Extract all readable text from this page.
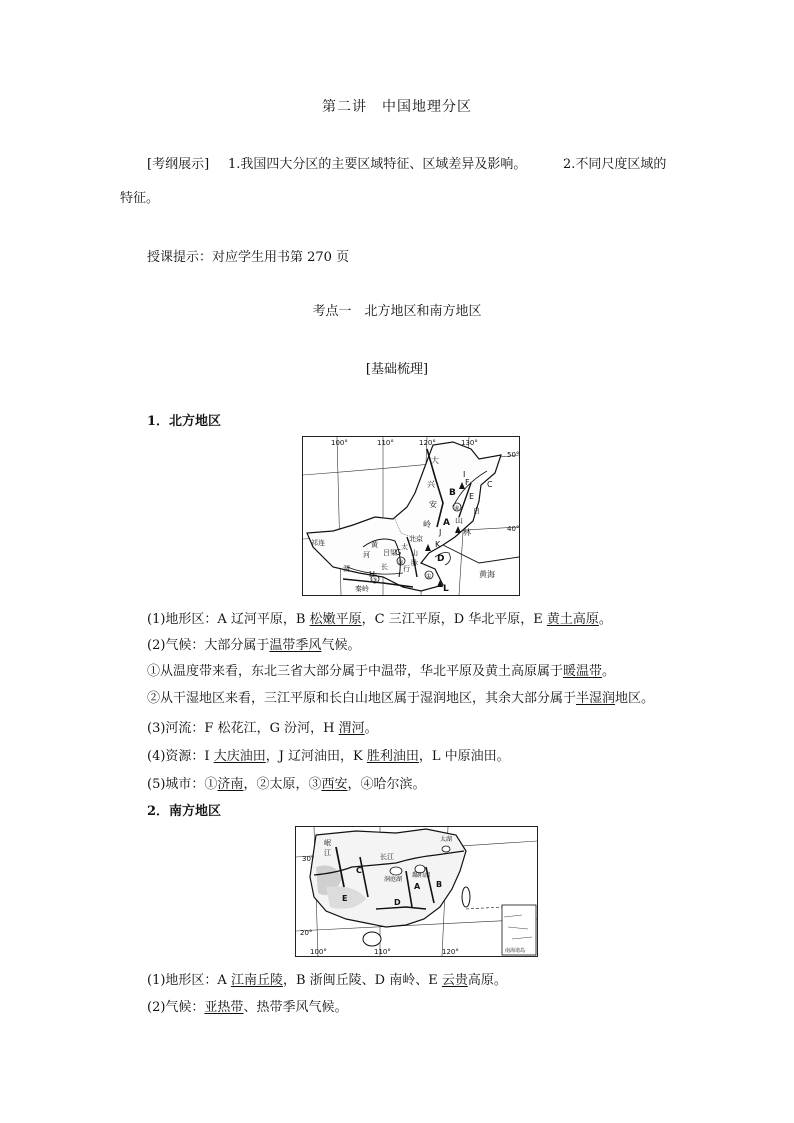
第二讲　中国地理分区
[考纲展示] 1.我国四大分区的主要区域特征、区域差异及影响。	2.不同尺度区域的
特征。
授课提示：对应学生用书第 270 页
考点一　北方地区和南方地区
[基础梳理]
1．北方地区
100°	110°	120°	130°
50°
40°
大
兴
安
岭
B
F C
E
A 山
林
北京
D
黄海
L
K
I
J
G
H
秦岭
山
脉
太
行
祁连
吕梁
黄
河
渭
④
③
②
①
长
白
(1)地形区：A 辽河平原，B 松嫩平原，C 三江平原，D 华北平原，E 黄土高原。
(2)气候：大部分属于温带季风气候。
①从温度带来看，东北三省大部分属于中温带，华北平原及黄土高原属于暖温带。
②从干湿地区来看，三江平原和长白山地区属于湿润地区，其余大部分属于半湿润地区。
(3)河流：F 松花江，G 汾河，H 渭河。
(4)资源：I 大庆油田，J 辽河油田，K 胜利油田，L 中原油田。
(5)城市：①济南，②太原，③西安，④哈尔滨。
2．南方地区
30°
20°
100°	110°	120°
A B
C
D
E
岷
江	长江
洞庭湖
鄱阳湖
太湖
南海诸岛
(1)地形区：A 江南丘陵，B 浙闽丘陵、D 南岭、E 云贵高原。
(2)气候：亚热带、热带季风气候。
